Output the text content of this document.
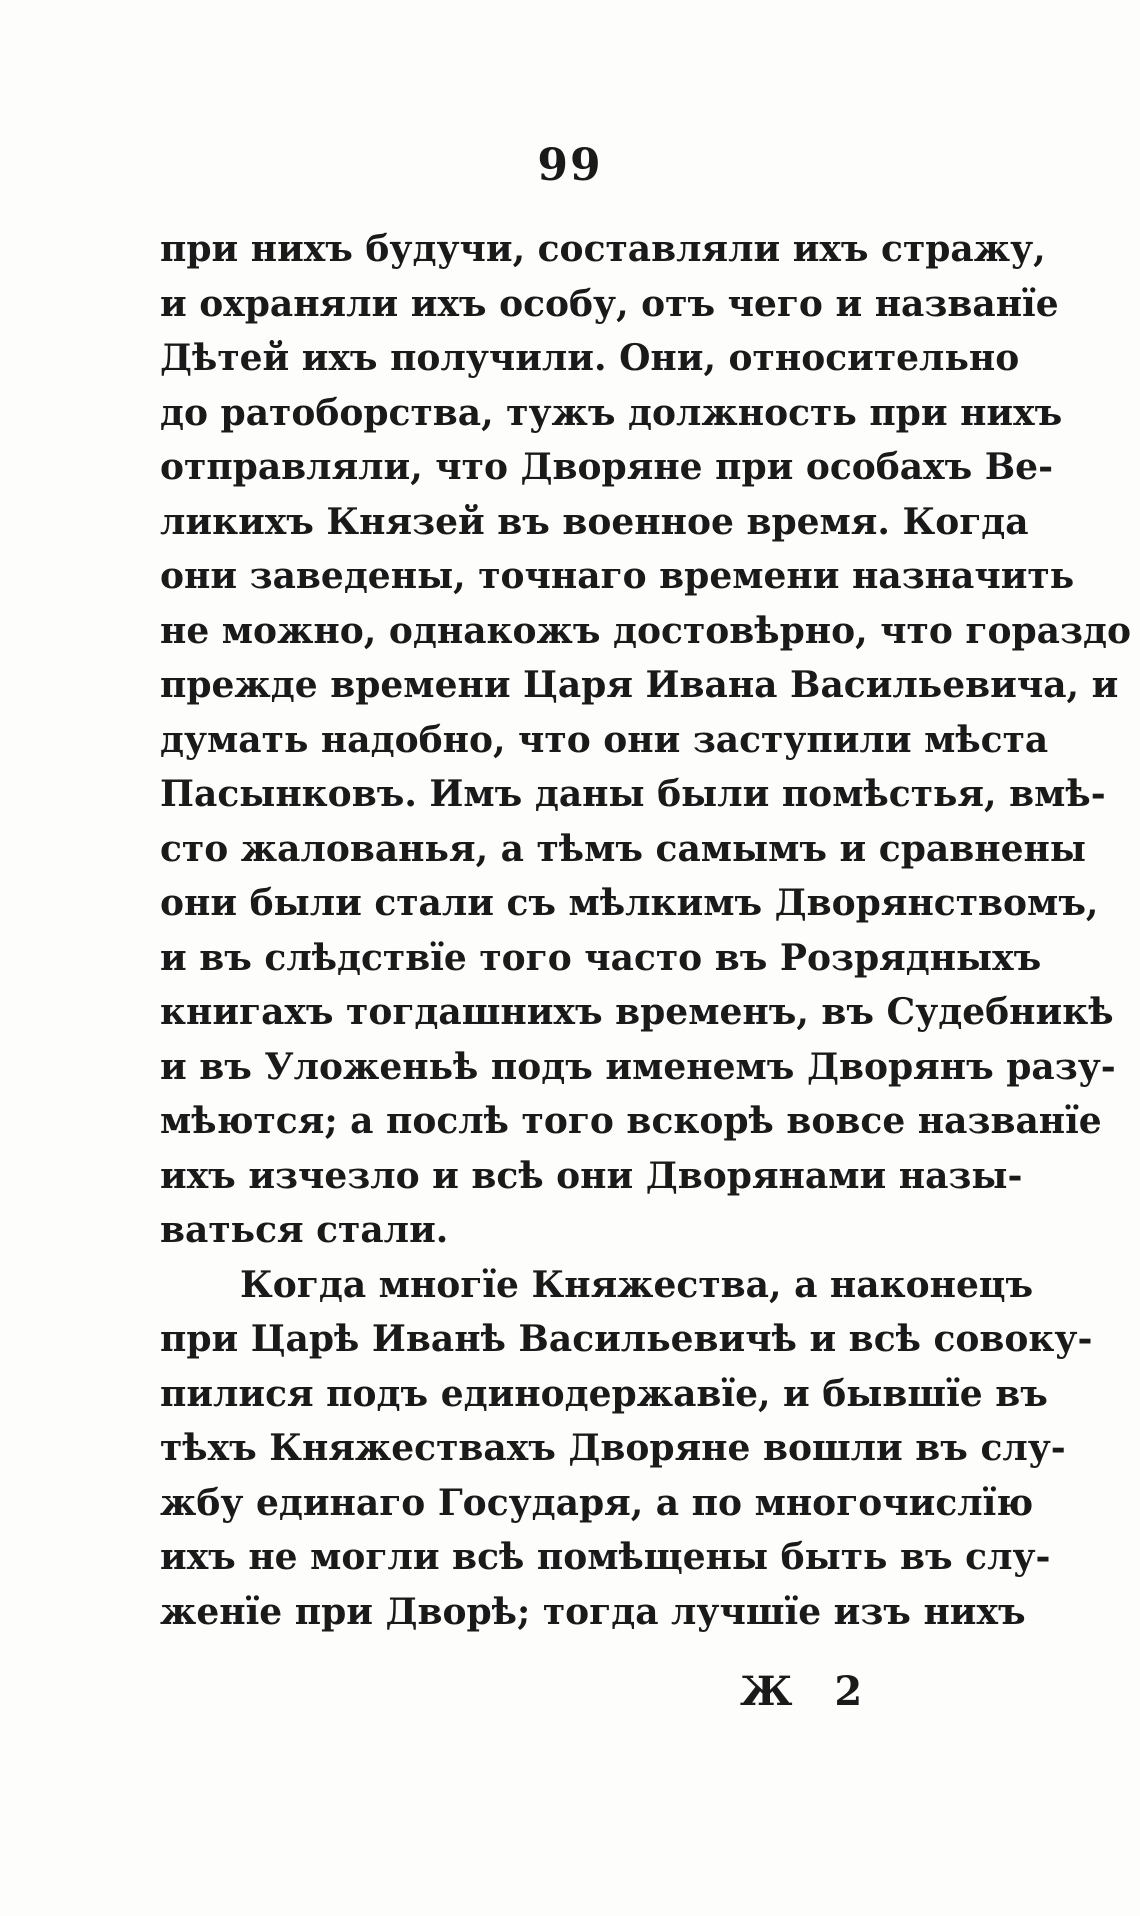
99
при нихъ будучи, составляли ихъ стражу,
и охраняли ихъ особу, отъ чего и названїе
Дѣтей ихъ получили. Они, относительно
до ратоборства, тужъ должность при нихъ
отправляли, что Дворяне при особахъ Ве-
ликихъ Князей въ военное время. Когда
они заведены, точнаго времени назначить
не можно, однакожъ достовѣрно, что гораздо
прежде времени Царя Ивана Васильевича, и
думать надобно, что они заступили мѣста
Пасынковъ. Имъ даны были помѣстья, вмѣ-
сто жалованья, а тѣмъ самымъ и сравнены
они были стали съ мѣлкимъ Дворянствомъ,
и въ слѣдствїе того часто въ Розрядныхъ
книгахъ тогдашнихъ временъ, въ Судебникѣ
и въ Уложеньѣ подъ именемъ Дворянъ разу-
мѣются; а послѣ того вскорѣ вовсе названїе
ихъ изчезло и всѣ они Дворянами назы-
ваться стали.
Когда многїе Княжества, а наконецъ
при Царѣ Иванѣ Васильевичѣ и всѣ совоку-
пилися подъ единодержавїе, и бывшїе въ
тѣхъ Княжествахъ Дворяне вошли въ слу-
жбу единаго Государя, а по многочислїю
ихъ не могли всѣ помѣщены быть въ слу-
женїе при Дворѣ; тогда лучшїе изъ нихъ
Ж 2
